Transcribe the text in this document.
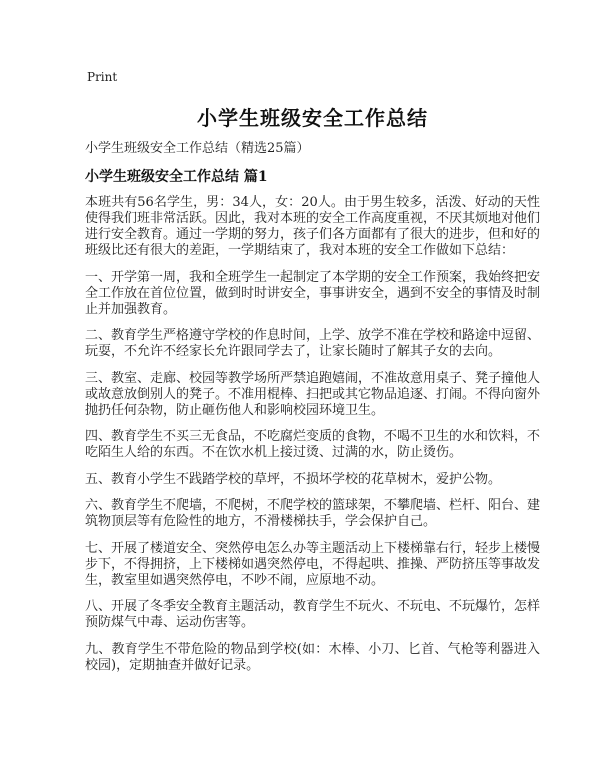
Print
小学生班级安全工作总结
小学生班级安全工作总结（精选25篇）
小学生班级安全工作总结 篇1

本班共有56名学生，男：34人，女：20人。由于男生较多，活泼、好动的天性使得我们班非常活跃。因此，我对本班的安全工作高度重视，不厌其烦地对他们进行安全教育。通过一学期的努力，孩子们各方面都有了很大的进步，但和好的班级比还有很大的差距，一学期结束了，我对本班的安全工作做如下总结：

一、开学第一周，我和全班学生一起制定了本学期的安全工作预案，我始终把安全工作放在首位位置，做到时时讲安全，事事讲安全，遇到不安全的事情及时制止并加强教育。

二、教育学生严格遵守学校的作息时间，上学、放学不准在学校和路途中逗留、玩耍，不允许不经家长允许跟同学去了，让家长随时了解其子女的去向。

三、教室、走廊、校园等教学场所严禁追跑嬉闹，不准故意用桌子、凳子撞他人或故意放倒别人的凳子。不准用棍棒、扫把或其它物品追逐、打闹。不得向窗外抛扔任何杂物，防止砸伤他人和影响校园环境卫生。

四、教育学生不买三无食品，不吃腐烂变质的食物，不喝不卫生的水和饮料，不吃陌生人给的东西。不在饮水机上接过烫、过满的水，防止烫伤。

五、教育小学生不践踏学校的草坪，不损坏学校的花草树木，爱护公物。

六、教育学生不爬墙，不爬树，不爬学校的篮球架，不攀爬墙、栏杆、阳台、建筑物顶层等有危险性的地方，不滑楼梯扶手，学会保护自己。

七、开展了楼道安全、突然停电怎么办等主题活动上下楼梯靠右行，轻步上楼慢步下，不得拥挤，上下楼梯如遇突然停电，不得起哄、推操、严防挤压等事故发生，教室里如遇突然停电，不吵不闹，应原地不动。

八、开展了冬季安全教育主题活动，教育学生不玩火、不玩电、不玩爆竹，怎样预防煤气中毒、运动伤害等。

九、教育学生不带危险的物品到学校(如：木棒、小刀、匕首、气枪等利器进入校园)，定期抽查并做好记录。
